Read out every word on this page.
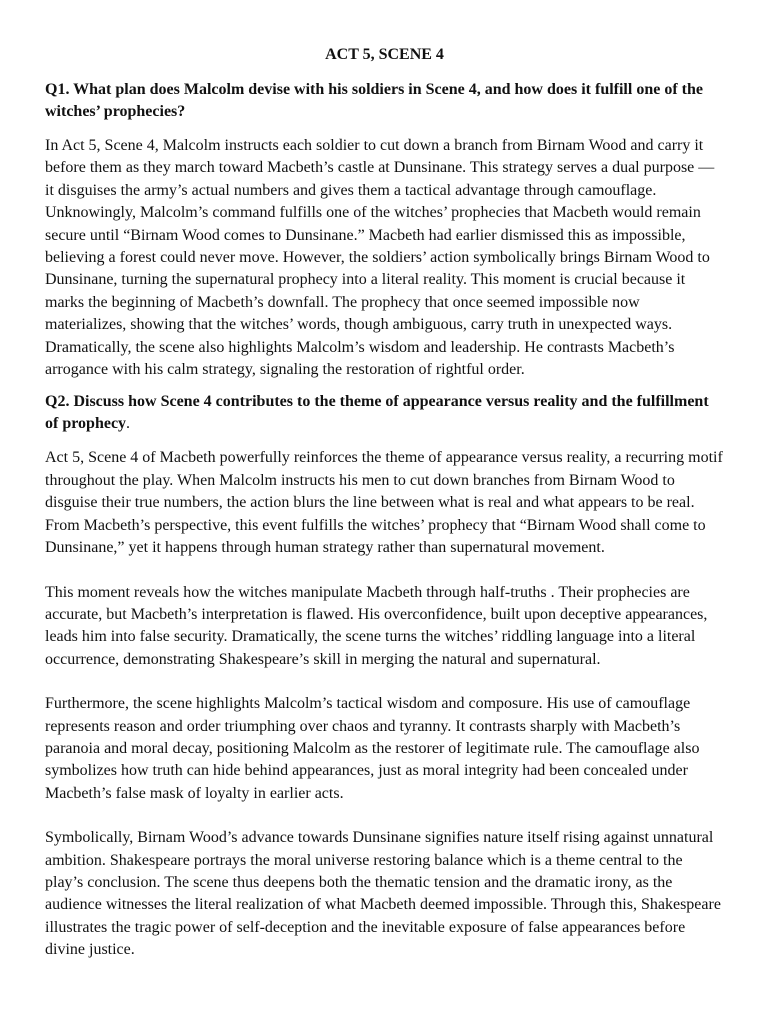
ACT 5, SCENE 4
Q1. What plan does Malcolm devise with his soldiers in Scene 4, and how does it fulfill one of the witches’ prophecies?

In Act 5, Scene 4, Malcolm instructs each soldier to cut down a branch from Birnam Wood and carry it before them as they march toward Macbeth’s castle at Dunsinane. This strategy serves a dual purpose — it disguises the army’s actual numbers and gives them a tactical advantage through camouflage. Unknowingly, Malcolm’s command fulfills one of the witches’ prophecies that Macbeth would remain secure until “Birnam Wood comes to Dunsinane.” Macbeth had earlier dismissed this as impossible, believing a forest could never move. However, the soldiers’ action symbolically brings Birnam Wood to Dunsinane, turning the supernatural prophecy into a literal reality. This moment is crucial because it marks the beginning of Macbeth’s downfall. The prophecy that once seemed impossible now materializes, showing that the witches’ words, though ambiguous, carry truth in unexpected ways. Dramatically, the scene also highlights Malcolm’s wisdom and leadership. He contrasts Macbeth’s arrogance with his calm strategy, signaling the restoration of rightful order.

Q2. Discuss how Scene 4 contributes to the theme of appearance versus reality and the fulfillment of prophecy.

Act 5, Scene 4 of Macbeth powerfully reinforces the theme of appearance versus reality, a recurring motif throughout the play. When Malcolm instructs his men to cut down branches from Birnam Wood to disguise their true numbers, the action blurs the line between what is real and what appears to be real. From Macbeth’s perspective, this event fulfills the witches’ prophecy that “Birnam Wood shall come to Dunsinane,” yet it happens through human strategy rather than supernatural movement.

This moment reveals how the witches manipulate Macbeth through half-truths . Their prophecies are accurate, but Macbeth’s interpretation is flawed. His overconfidence, built upon deceptive appearances, leads him into false security. Dramatically, the scene turns the witches’ riddling language into a literal occurrence, demonstrating Shakespeare’s skill in merging the natural and supernatural.

Furthermore, the scene highlights Malcolm’s tactical wisdom and composure. His use of camouflage represents reason and order triumphing over chaos and tyranny. It contrasts sharply with Macbeth’s paranoia and moral decay, positioning Malcolm as the restorer of legitimate rule. The camouflage also symbolizes how truth can hide behind appearances, just as moral integrity had been concealed under Macbeth’s false mask of loyalty in earlier acts.

Symbolically, Birnam Wood’s advance towards Dunsinane signifies nature itself rising against unnatural ambition. Shakespeare portrays the moral universe restoring balance which is a theme central to the play’s conclusion. The scene thus deepens both the thematic tension and the dramatic irony, as the audience witnesses the literal realization of what Macbeth deemed impossible. Through this, Shakespeare illustrates the tragic power of self-deception and the inevitable exposure of false appearances before divine justice.
